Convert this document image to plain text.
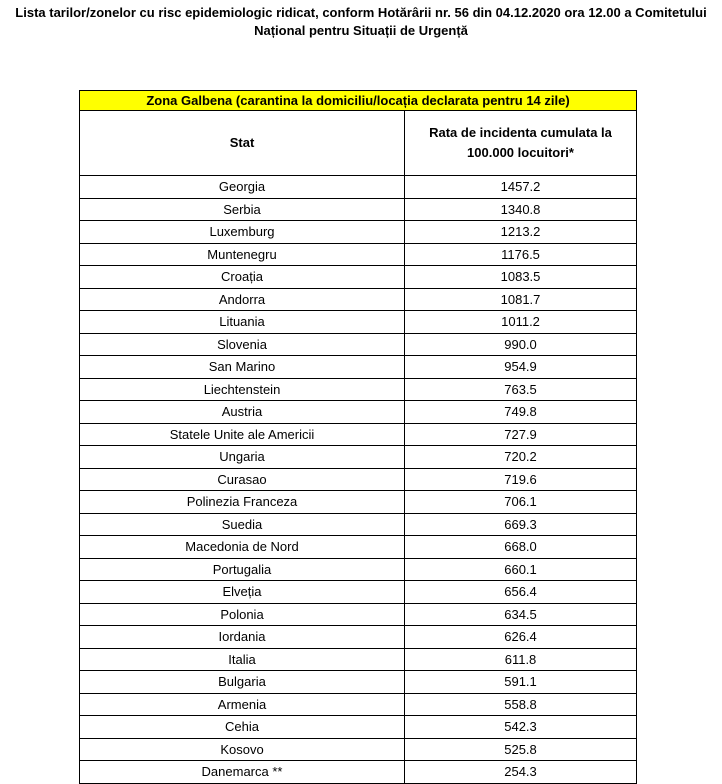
Lista tarilor/zonelor cu risc epidemiologic ridicat, conform Hotărârii nr. 56 din 04.12.2020 ora 12.00 a Comitetului
Național pentru Situații de Urgență
Zona Galbena (carantina la domiciliu/locația declarata pentru 14 zile)	
Stat	Rata de incidenta cumulata la
100.000 locuitori*

Georgia	1457.2
Serbia	1340.8
Luxemburg	1213.2
Muntenegru	1176.5
Croația	1083.5
Andorra	1081.7
Lituania	1011.2
Slovenia	990.0
San Marino	954.9
Liechtenstein	763.5
Austria	749.8
Statele Unite ale Americii	727.9
Ungaria	720.2
Curasao	719.6
Polinezia Franceza	706.1
Suedia	669.3
Macedonia de Nord	668.0
Portugalia	660.1
Elveția	656.4
Polonia	634.5
Iordania	626.4
Italia	611.8
Bulgaria	591.1
Armenia	558.8
Cehia	542.3
Kosovo	525.8
Danemarca **	254.3
